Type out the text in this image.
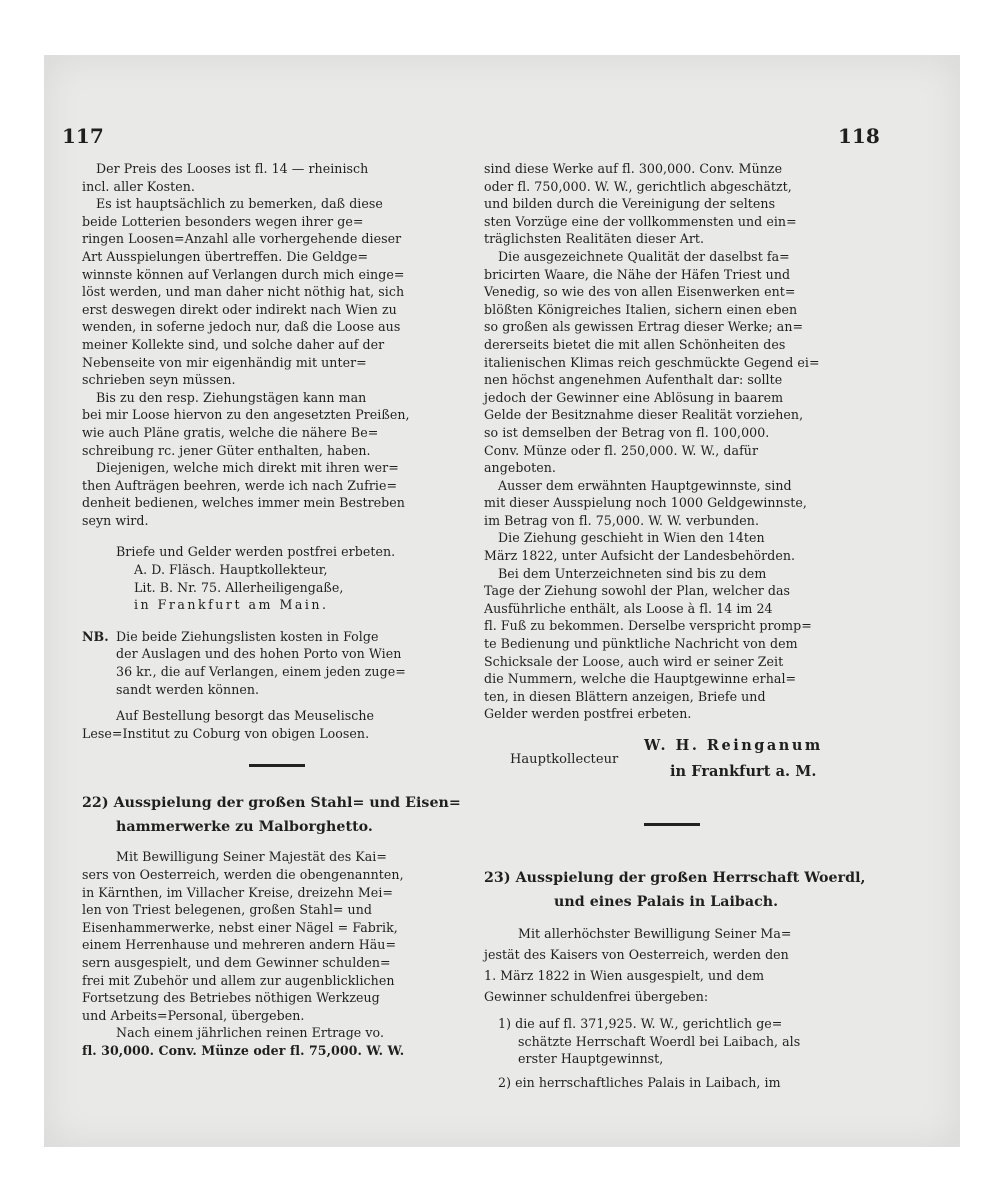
117	118
Der Preis des Looses ist fl. 14 — rheinisch
incl. aller Kosten.
Es ist hauptsächlich zu bemerken, daß diese
beide Lotterien besonders wegen ihrer ge=
ringen Loosen=Anzahl alle vorhergehende dieser
Art Ausspielungen übertreffen. Die Geldge=
winnste können auf Verlangen durch mich einge=
löst werden, und man daher nicht nöthig hat, sich
erst deswegen direkt oder indirekt nach Wien zu
wenden, in soferne jedoch nur, daß die Loose aus
meiner Kollekte sind, und solche daher auf der
Nebenseite von mir eigenhändig mit unter=
schrieben seyn müssen.
Bis zu den resp. Ziehungstägen kann man
bei mir Loose hiervon zu den angesetzten Preißen,
wie auch Pläne gratis, welche die nähere Be=
schreibung rc. jener Güter enthalten, haben.
Diejenigen, welche mich direkt mit ihren wer=
then Aufträgen beehren, werde ich nach Zufrie=
denheit bedienen, welches immer mein Bestreben
seyn wird.
Briefe und Gelder werden postfrei erbeten.
A. D. Fläsch. Hauptkollekteur,
Lit. B. Nr. 75. Allerheiligengaße,
in Frankfurt am Main.
NB. Die beide Ziehungslisten kosten in Folge
der Auslagen und des hohen Porto von Wien
36 kr., die auf Verlangen, einem jeden zuge=
sandt werden können.
Auf Bestellung besorgt das Meuselische
Lese=Institut zu Coburg von obigen Loosen.
22) Ausspielung der großen Stahl= und Eisen=
hammerwerke zu Malborghetto.
Mit Bewilligung Seiner Majestät des Kai=
sers von Oesterreich, werden die obengenannten,
in Kärnthen, im Villacher Kreise, dreizehn Mei=
len von Triest belegenen, großen Stahl= und
Eisenhammerwerke, nebst einer Nägel = Fabrik,
einem Herrenhause und mehreren andern Häu=
sern ausgespielt, und dem Gewinner schulden=
frei mit Zubehör und allem zur augenblicklichen
Fortsetzung des Betriebes nöthigen Werkzeug
und Arbeits=Personal, übergeben.
Nach einem jährlichen reinen Ertrage vo.
fl. 30,000. Conv. Münze oder fl. 75,000. W. W.
sind diese Werke auf fl. 300,000. Conv. Münze
oder fl. 750,000. W. W., gerichtlich abgeschätzt,
und bilden durch die Vereinigung der seltens
sten Vorzüge eine der vollkommensten und ein=
träglichsten Realitäten dieser Art.
Die ausgezeichnete Qualität der daselbst fa=
bricirten Waare, die Nähe der Häfen Triest und
Venedig, so wie des von allen Eisenwerken ent=
blößten Königreiches Italien, sichern einen eben
so großen als gewissen Ertrag dieser Werke; an=
dererseits bietet die mit allen Schönheiten des
italienischen Klimas reich geschmückte Gegend ei=
nen höchst angenehmen Aufenthalt dar: sollte
jedoch der Gewinner eine Ablösung in baarem
Gelde der Besitznahme dieser Realität vorziehen,
so ist demselben der Betrag von fl. 100,000.
Conv. Münze oder fl. 250,000. W. W., dafür
angeboten.
Ausser dem erwähnten Hauptgewinnste, sind
mit dieser Ausspielung noch 1000 Geldgewinnste,
im Betrag von fl. 75,000. W. W. verbunden.
Die Ziehung geschieht in Wien den 14ten
März 1822, unter Aufsicht der Landesbehörden.
Bei dem Unterzeichneten sind bis zu dem
Tage der Ziehung sowohl der Plan, welcher das
Ausführliche enthält, als Loose à fl. 14 im 24
fl. Fuß zu bekommen. Derselbe verspricht promp=
te Bedienung und pünktliche Nachricht von dem
Schicksale der Loose, auch wird er seiner Zeit
die Nummern, welche die Hauptgewinne erhal=
ten, in diesen Blättern anzeigen, Briefe und
Gelder werden postfrei erbeten.
Hauptkollecteur
W. H. Reinganum
in Frankfurt a. M.
23) Ausspielung der großen Herrschaft Woerdl,
und eines Palais in Laibach.
Mit allerhöchster Bewilligung Seiner Ma=
jestät des Kaisers von Oesterreich, werden den
1. März 1822 in Wien ausgespielt, und dem
Gewinner schuldenfrei übergeben:
1) die auf fl. 371,925. W. W., gerichtlich ge=
schätzte Herrschaft Woerdl bei Laibach, als
erster Hauptgewinnst,
2) ein herrschaftliches Palais in Laibach, im
